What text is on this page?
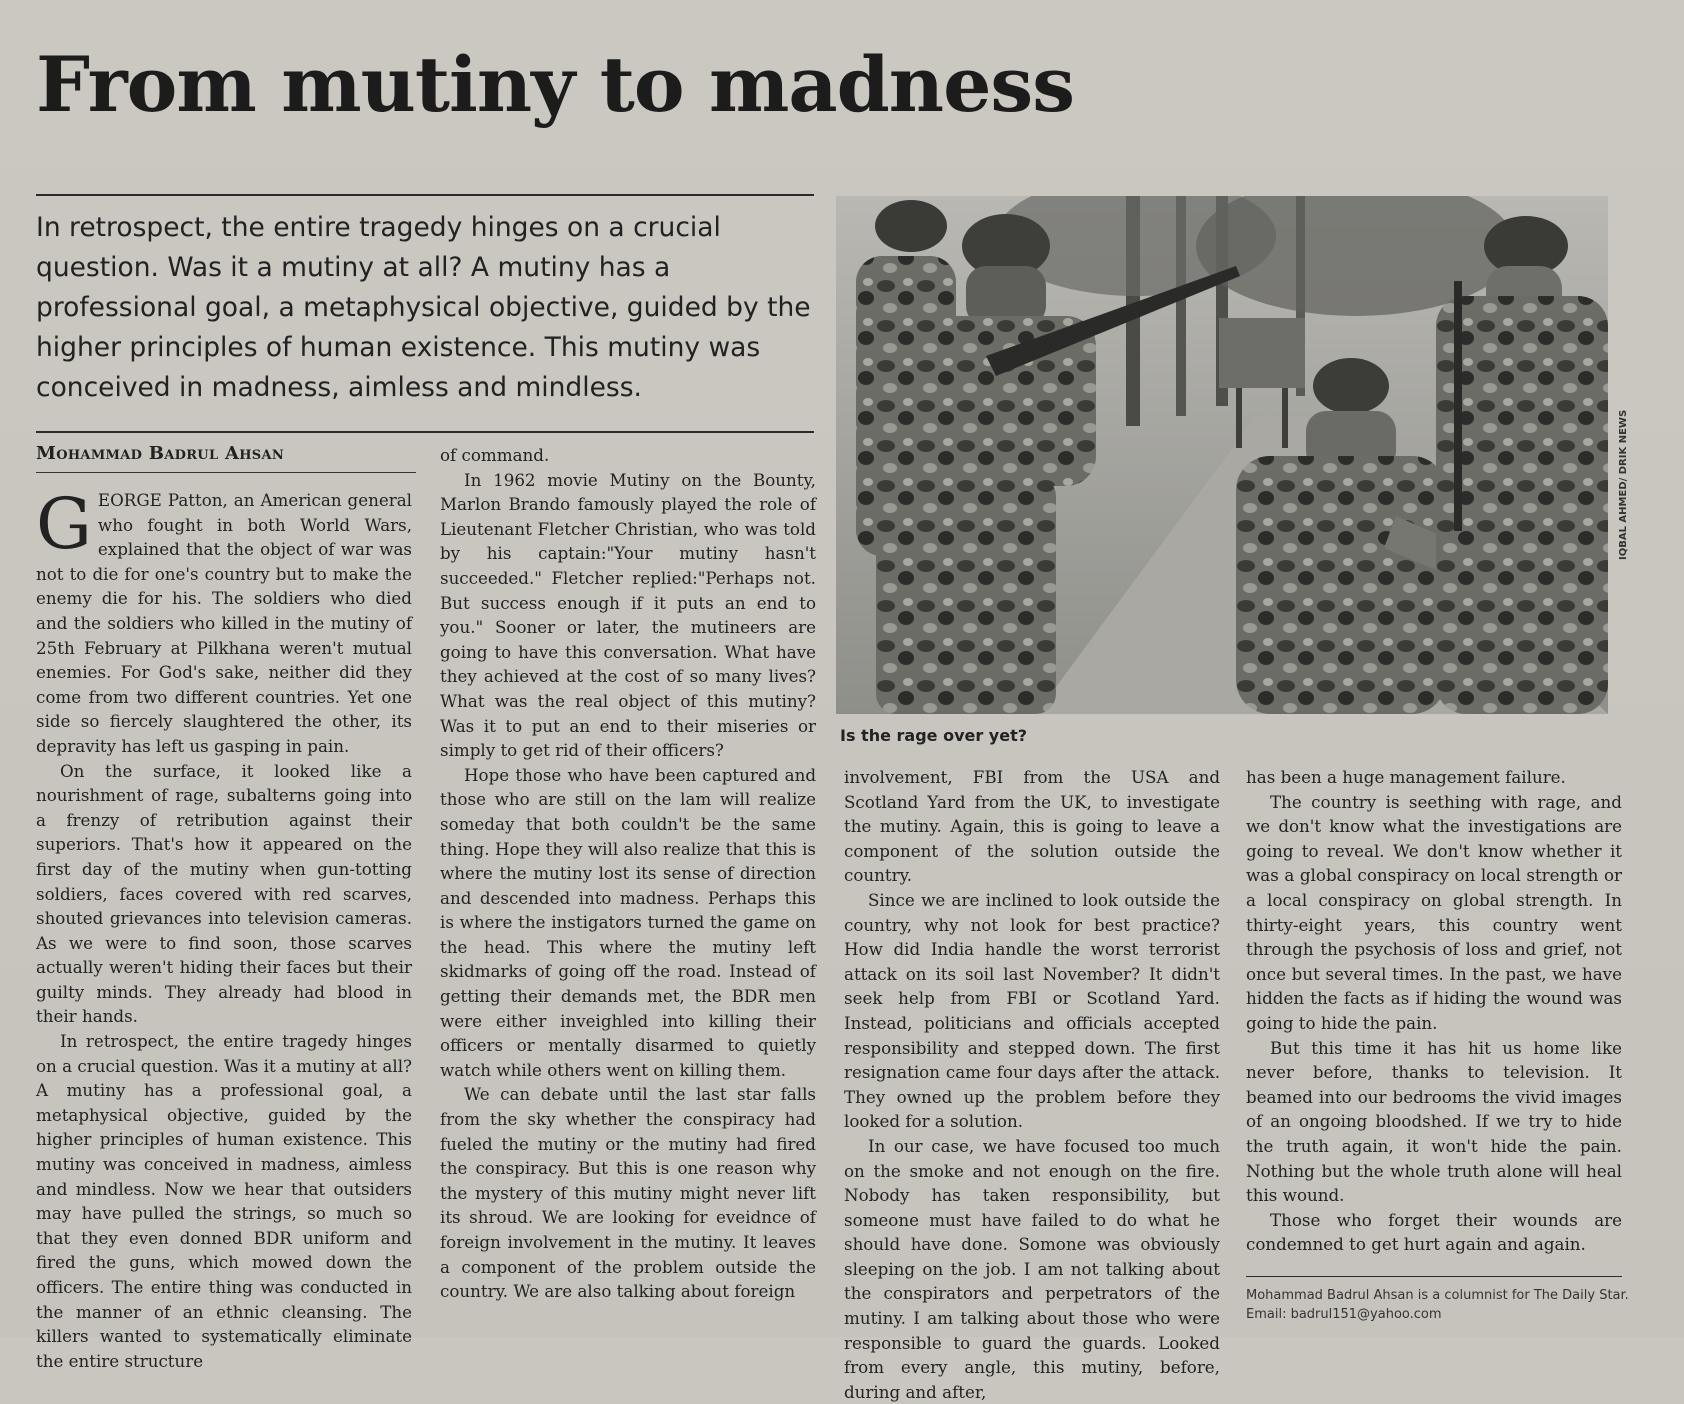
From mutiny to madness

In retrospect, the entire tragedy hinges on a crucial question. Was it a mutiny at all? A mutiny has a professional goal, a metaphysical objective, guided by the higher principles of human existence. This mutiny was conceived in madness, aimless and mindless.

Mohammad Badrul Ahsan

GEORGE Patton, an American general who fought in both World Wars, explained that the object of war was not to die for one's country but to make the enemy die for his. The soldiers who died and the soldiers who killed in the mutiny of 25th February at Pilkhana weren't mutual enemies. For God's sake, neither did they come from two different countries. Yet one side so fiercely slaughtered the other, its depravity has left us gasping in pain.

On the surface, it looked like a nourishment of rage, subalterns going into a frenzy of retribution against their superiors. That's how it appeared on the first day of the mutiny when gun-totting soldiers, faces covered with red scarves, shouted grievances into television cameras. As we were to find soon, those scarves actually weren't hiding their faces but their guilty minds. They already had blood in their hands.

In retrospect, the entire tragedy hinges on a crucial question. Was it a mutiny at all? A mutiny has a professional goal, a metaphysical objective, guided by the higher principles of human existence. This mutiny was conceived in madness, aimless and mindless. Now we hear that outsiders may have pulled the strings, so much so that they even donned BDR uniform and fired the guns, which mowed down the officers. The entire thing was conducted in the manner of an ethnic cleansing. The killers wanted to systematically eliminate the entire structure

of command.

In 1962 movie Mutiny on the Bounty, Marlon Brando famously played the role of Lieutenant Fletcher Christian, who was told by his captain:"Your mutiny hasn't succeeded." Fletcher replied:"Perhaps not. But success enough if it puts an end to you." Sooner or later, the mutineers are going to have this conversation. What have they achieved at the cost of so many lives? What was the real object of this mutiny? Was it to put an end to their miseries or simply to get rid of their officers?

Hope those who have been captured and those who are still on the lam will realize someday that both couldn't be the same thing. Hope they will also realize that this is where the mutiny lost its sense of direction and descended into madness. Perhaps this is where the instigators turned the game on the head. This where the mutiny left skidmarks of going off the road. Instead of getting their demands met, the BDR men were either inveighled into killing their officers or mentally disarmed to quietly watch while others went on killing them.

We can debate until the last star falls from the sky whether the conspiracy had fueled the mutiny or the mutiny had fired the conspiracy. But this is one reason why the mystery of this mutiny might never lift its shroud. We are looking for eveidnce of foreign involvement in the mutiny. It leaves a component of the problem outside the country. We are also talking about foreign

IQBAL AHMED/ DRIK NEWS
Is the rage over yet?

involvement, FBI from the USA and Scotland Yard from the UK, to investigate the mutiny. Again, this is going to leave a component of the solution outside the country.

Since we are inclined to look outside the country, why not look for best practice? How did India handle the worst terrorist attack on its soil last November? It didn't seek help from FBI or Scotland Yard. Instead, politicians and officials accepted responsibility and stepped down. The first resignation came four days after the attack. They owned up the problem before they looked for a solution.

In our case, we have focused too much on the smoke and not enough on the fire. Nobody has taken responsibility, but someone must have failed to do what he should have done. Somone was obviously sleeping on the job. I am not talking about the conspirators and perpetrators of the mutiny. I am talking about those who were responsible to guard the guards. Looked from every angle, this mutiny, before, during and after,

has been a huge management failure.

The country is seething with rage, and we don't know what the investigations are going to reveal. We don't know whether it was a global conspiracy on local strength or a local conspiracy on global strength. In thirty-eight years, this country went through the psychosis of loss and grief, not once but several times. In the past, we have hidden the facts as if hiding the wound was going to hide the pain.

But this time it has hit us home like never before, thanks to television. It beamed into our bedrooms the vivid images of an ongoing bloodshed. If we try to hide the truth again, it won't hide the pain. Nothing but the whole truth alone will heal this wound.

Those who forget their wounds are condemned to get hurt again and again.

Mohammad Badrul Ahsan is a columnist for The Daily Star.

Email: badrul151@yahoo.com
